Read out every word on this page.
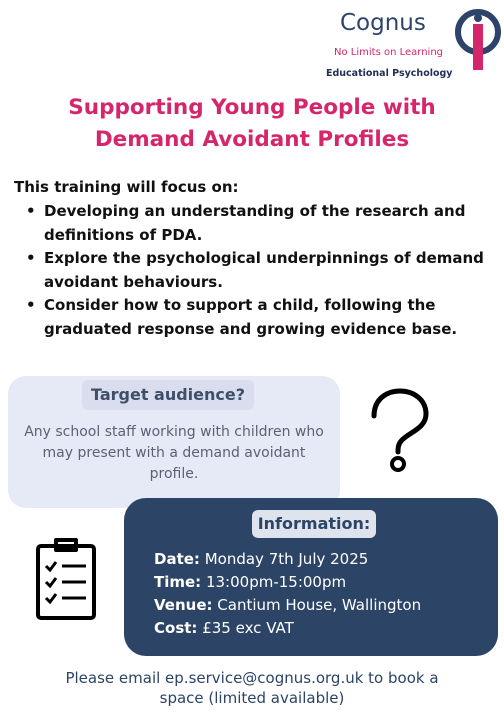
Cognus
No Limits on Learning
Educational Psychology
Supporting Young People with
Demand Avoidant Profiles
This training will focus on:
• Developing an understanding of the research and definitions of PDA.
• Explore the psychological underpinnings of demand avoidant behaviours.
• Consider how to support a child, following the graduated response and growing evidence base.
Target audience?
Any school staff working with children who may present with a demand avoidant profile.
Information:
Date: Monday 7th July 2025
Time: 13:00pm-15:00pm
Venue: Cantium House, Wallington
Cost: £35 exc VAT
Please email ep.service@cognus.org.uk to book a
space (limited available)
